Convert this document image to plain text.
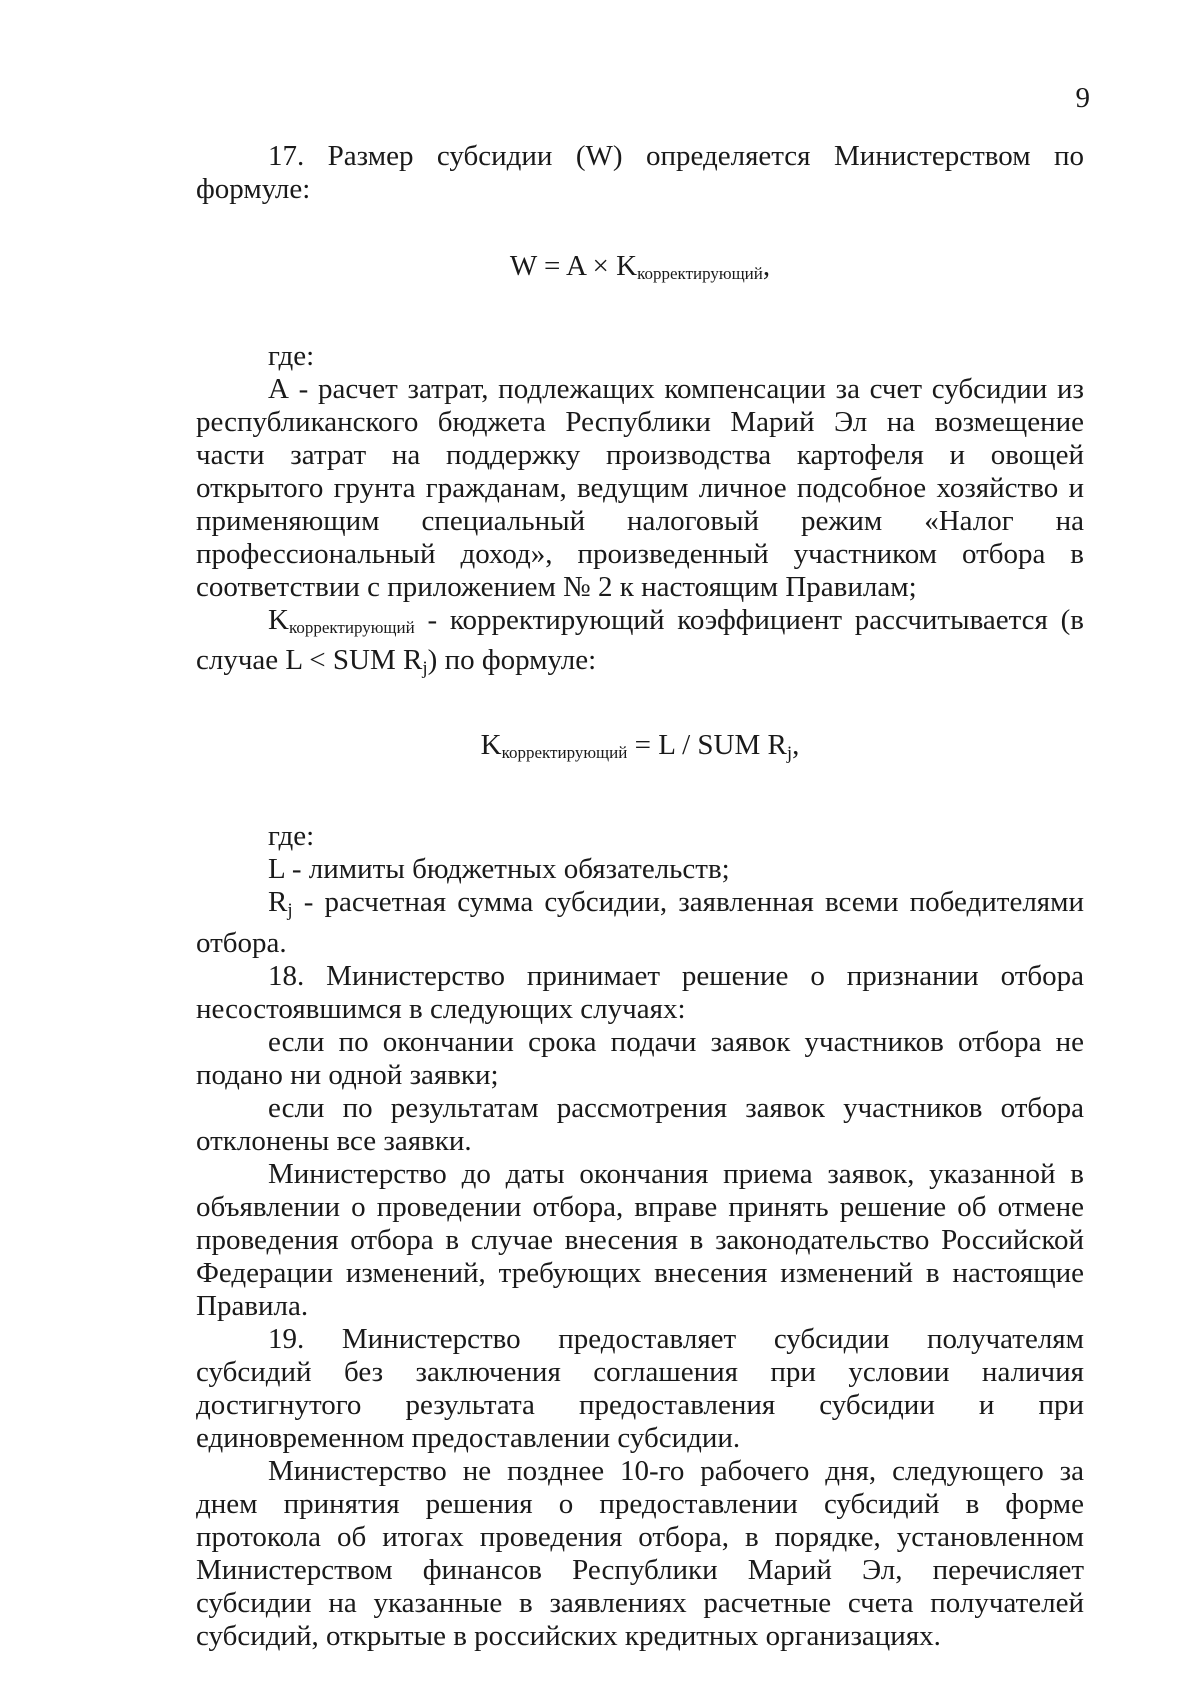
9

17. Размер субсидии (W) определяется Министерством по формуле:

$W = A \times K_{корректирующий}$,

где:

А - расчет затрат, подлежащих компенсации за счет субсидии из республиканского бюджета Республики Марий Эл на возмещение части затрат на поддержку производства картофеля и овощей открытого грунта гражданам, ведущим личное подсобное хозяйство и применяющим специальный налоговый режим «Налог на профессиональный доход», произведенный участником отбора в соответствии с приложением № 2 к настоящим Правилам;

$K_{корректирующий}$ - корректирующий коэффициент рассчитывается (в случае L < SUM Rj) по формуле:

$K_{корректирующий} = L$ / SUM Rj,

где:

L - лимиты бюджетных обязательств;

Rj - расчетная сумма субсидии, заявленная всеми победителями отбора.

18. Министерство принимает решение о признании отбора несостоявшимся в следующих случаях:

если по окончании срока подачи заявок участников отбора не подано ни одной заявки;

если по результатам рассмотрения заявок участников отбора отклонены все заявки.

Министерство до даты окончания приема заявок, указанной в объявлении о проведении отбора, вправе принять решение об отмене проведения отбора в случае внесения в законодательство Российской Федерации изменений, требующих внесения изменений в настоящие Правила.

19. Министерство предоставляет субсидии получателям субсидий без заключения соглашения при условии наличия достигнутого результата предоставления субсидии и при единовременном предоставлении субсидии.

Министерство не позднее 10-го рабочего дня, следующего за днем принятия решения о предоставлении субсидий в форме протокола об итогах проведения отбора, в порядке, установленном Министерством финансов Республики Марий Эл, перечисляет субсидии на указанные в заявлениях расчетные счета получателей субсидий, открытые в российских кредитных организациях.
